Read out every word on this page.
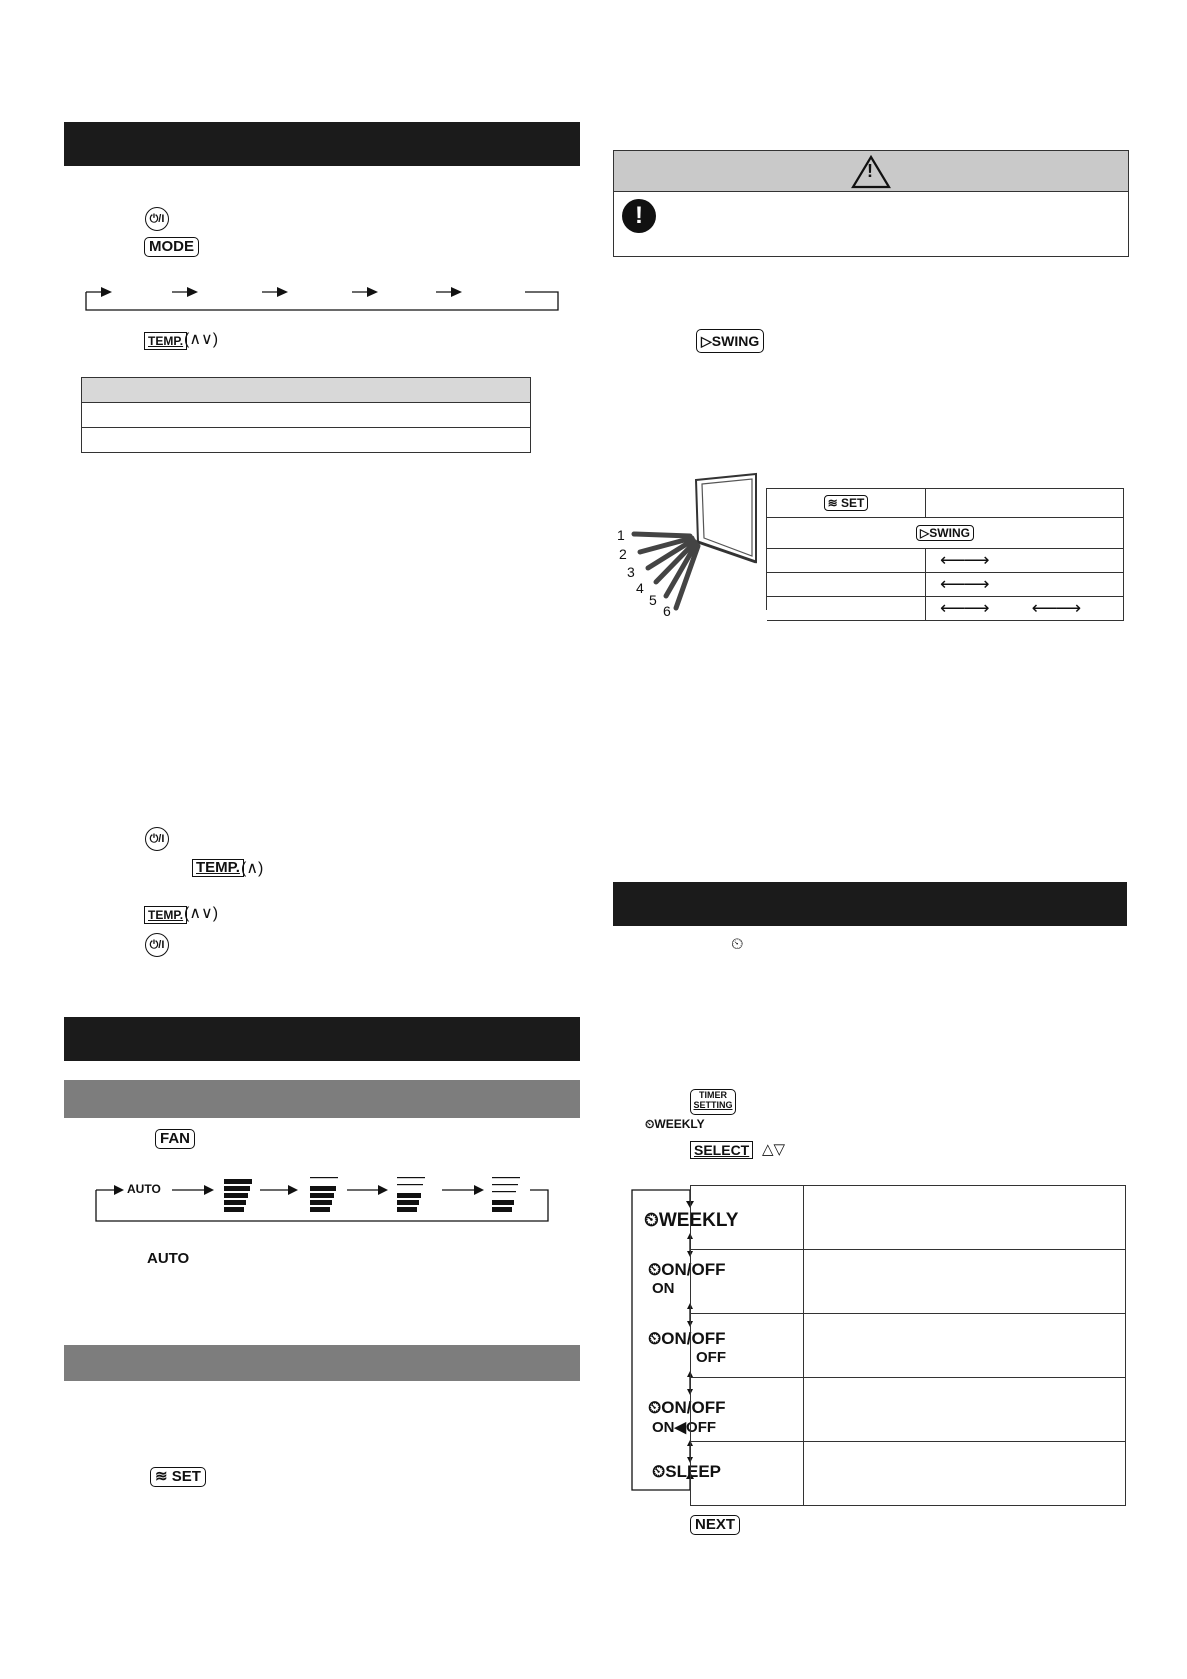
⏻/I
MODE
TEMP. (∧∨)

⏻/I
TEMP. (∧)
TEMP. (∧∨)
⏻/I
FAN
AUTO
AUTO
≋ SET
!
!
▷SWING
1
2
3
4
5
6
≋ SET	
▷SWING	
	⟵⟶
	⟵⟶
	⟵⟶ ⟵⟶
⏲
TIMER
SETTING
⏲WEEKLY
SELECT △▽
⏲WEEKLY
⏲ON/OFF
ON
⏲ON/OFF
OFF
⏲ON/OFF
ON◀OFF
⏲SLEEP

NEXT
